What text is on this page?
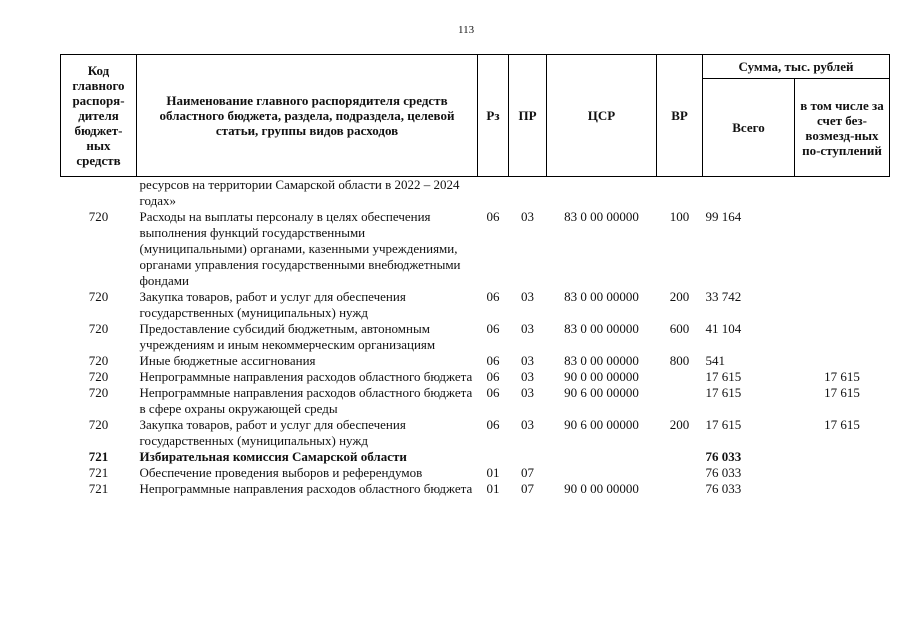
113
Код главного распоря-дителя бюджет-ных средств	Наименование главного распорядителя средств областного бюджета, раздела, подраздела, целевой статьи, группы видов расходов	Рз	ПР	ЦСР	ВР	Сумма, тыс. рублей	
						Всего	в том числе за счет без-возмезд-ных по-ступлений
	ресурсов на территории Самарской области в 2022 – 2024 годах»						
720	Расходы на выплаты персоналу в целях обеспечения выполнения функций государственными (муниципальными) органами, казенными учреждениями, органами управления государственными внебюджетными фондами	06	03	83 0 00 00000	100	99 164	
720	Закупка товаров, работ и услуг для обеспечения государственных (муниципальных) нужд	06	03	83 0 00 00000	200	33 742	
720	Предоставление субсидий бюджетным, автономным учреждениям и иным некоммерческим организациям	06	03	83 0 00 00000	600	41 104	
720	Иные бюджетные ассигнования	06	03	83 0 00 00000	800	541	
720	Непрограммные направления расходов областного бюджета	06	03	90 0 00 00000		17 615	17 615
720	Непрограммные направления расходов областного бюджета в сфере охраны окружающей среды	06	03	90 6 00 00000		17 615	17 615
720	Закупка товаров, работ и услуг для обеспечения государственных (муниципальных) нужд	06	03	90 6 00 00000	200	17 615	17 615
721	Избирательная комиссия Самарской области					76 033	
721	Обеспечение проведения выборов и референдумов	01	07			76 033	
721	Непрограммные направления расходов областного бюджета	01	07	90 0 00 00000		76 033	
